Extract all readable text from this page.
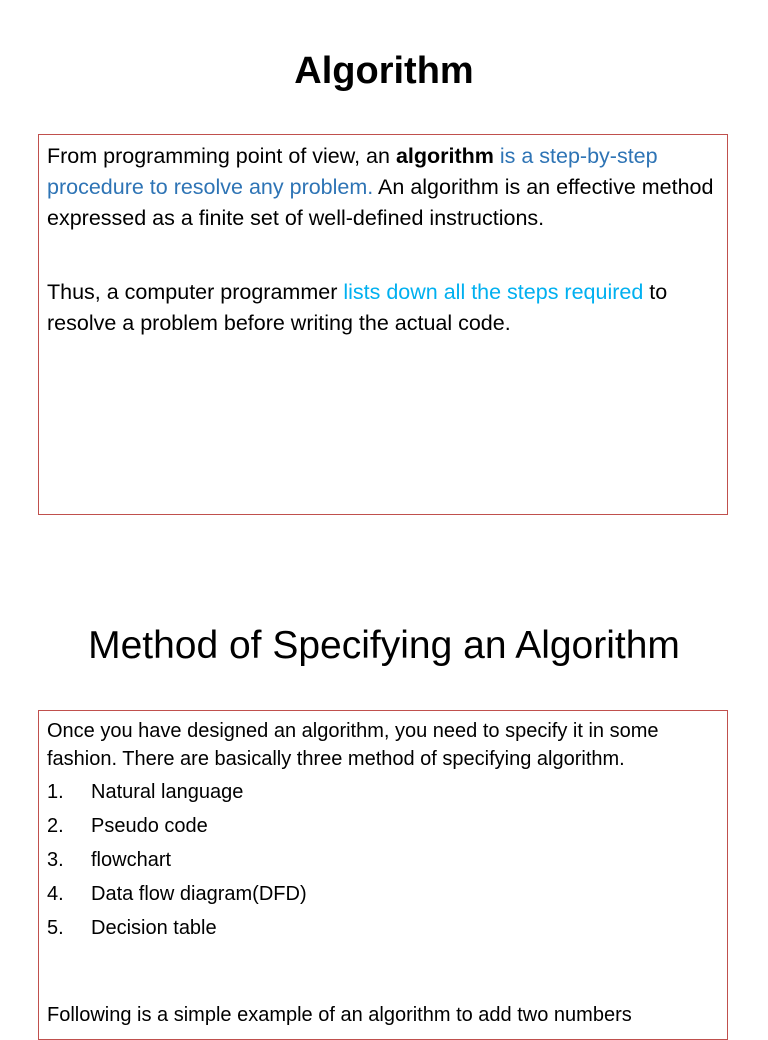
Algorithm

From programming point of view, an algorithm is a step-by-step procedure to resolve any problem. An algorithm is an effective method expressed as a finite set of well-defined instructions.

Thus, a computer programmer lists down all the steps required to resolve a problem before writing the actual code.

Method of Specifying an Algorithm

Once you have designed an algorithm, you need to specify it in some fashion. There are basically three method of specifying algorithm.

1.	Natural language
2.	Pseudo code
3.	flowchart
4.	Data flow diagram(DFD)
5.	Decision table

Following is a simple example of an algorithm to add two numbers
